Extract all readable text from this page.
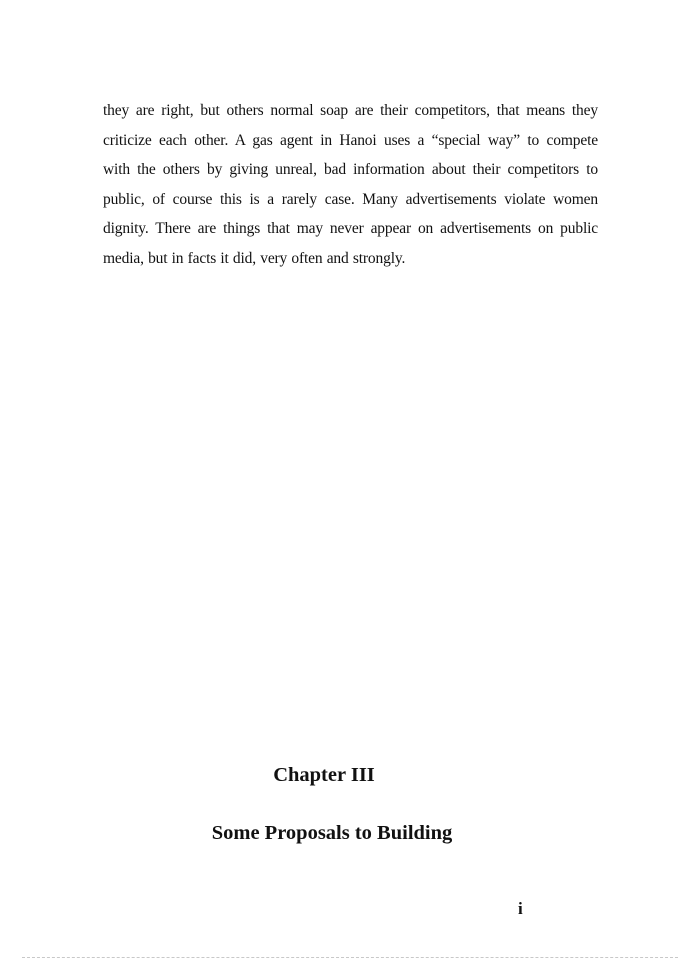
they are right, but others normal soap are their competitors, that means they
criticize each other. A gas agent in Hanoi uses a “special way” to compete
with the others by giving unreal, bad information about their competitors to
public, of course this is a rarely case. Many advertisements violate women
dignity. There are things that may never appear on advertisements on public
media, but in facts it did, very often and strongly.

Chapter III
Some Proposals to Building

i
